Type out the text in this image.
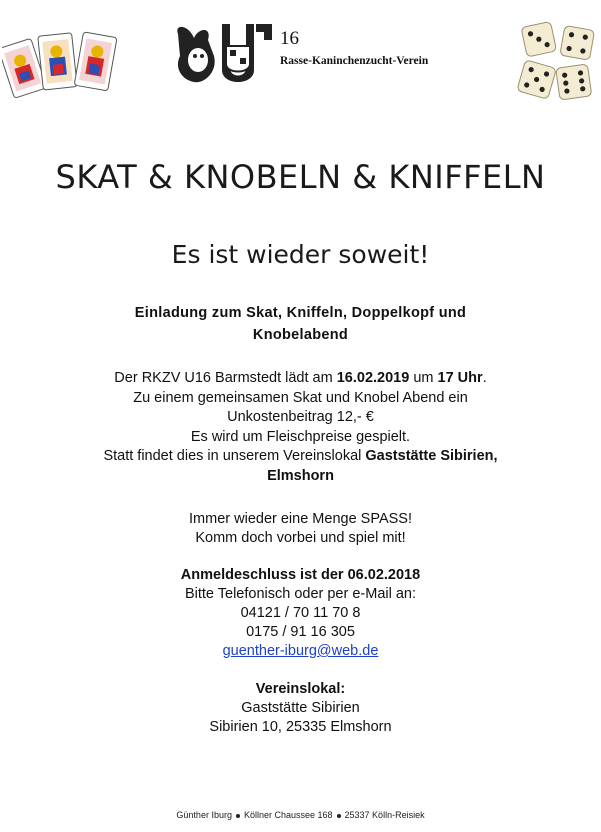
16
Rasse-Kaninchenzucht-Verein
SKAT & KNOBELN & KNIFFELN
Es ist wieder soweit!

Einladung zum Skat, Kniffeln, Doppelkopf und

Knobelabend

Der RKZV U16 Barmstedt lädt am 16.02.2019 um 17 Uhr.

Zu einem gemeinsamen Skat und Knobel Abend ein

Unkostenbeitrag 12,- €

Es wird um Fleischpreise gespielt.

Statt findet dies in unserem Vereinslokal Gaststätte Sibirien,

Elmshorn

Immer wieder eine Menge SPASS!

Komm doch vorbei und spiel mit!

Anmeldeschluss ist der 06.02.2018

Bitte Telefonisch oder per e-Mail an:

04121 / 70 11 70 8

0175 / 91 16 305

guenther-iburg@web.de

Vereinslokal:

Gaststätte Sibirien

Sibirien 10, 25335 Elmshorn

Günther Iburg Köllner Chaussee 168 25337 Kölln-Reisiek
